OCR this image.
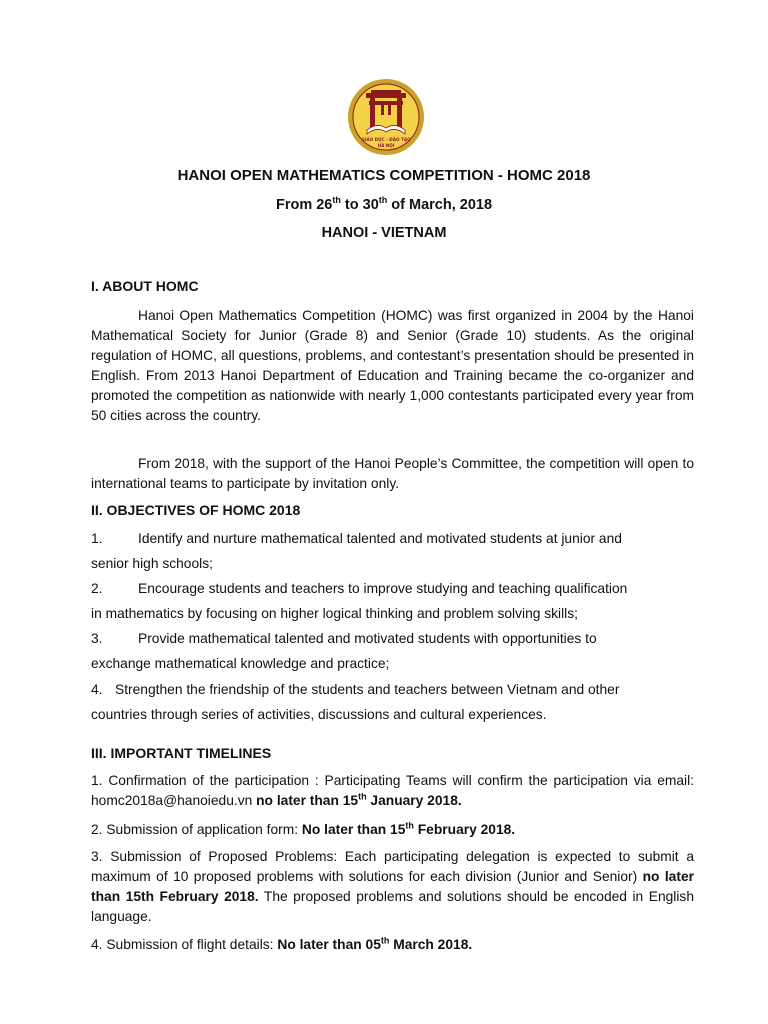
GIÁO DỤC - ĐÀO TẠO
HÀ NỘI
HANOI OPEN MATHEMATICS COMPETITION - HOMC 2018
From 26th to 30th of March, 2018
HANOI - VIETNAM
I. ABOUT HOMC
Hanoi Open Mathematics Competition (HOMC) was first organized in 2004 by the Hanoi Mathematical Society for Junior (Grade 8) and Senior (Grade 10) students. As the original regulation of HOMC, all questions, problems, and contestant’s presentation should be presented in English. From 2013 Hanoi Department of Education and Training became the co-organizer and promoted the competition as nationwide with nearly 1,000 contestants participated every year from 50 cities across the country.
From 2018, with the support of the Hanoi People’s Committee, the competition will open to international teams to participate by invitation only.
II. OBJECTIVES OF HOMC 2018
1.	Identify and nurture mathematical talented and motivated students at junior and
senior high schools;
2.	Encourage students and teachers to improve studying and teaching qualification
in mathematics by focusing on higher logical thinking and problem solving skills;
3.	Provide mathematical talented and motivated students with opportunities to
exchange mathematical knowledge and practice;
4. Strengthen the friendship of the students and teachers between Vietnam and other
countries through series of activities, discussions and cultural experiences.
III. IMPORTANT TIMELINES
1. Confirmation of the participation : Participating Teams will confirm the participation via email: homc2018a@hanoiedu.vn no later than 15th January 2018.
2. Submission of application form: No later than 15th February 2018.
3. Submission of Proposed Problems: Each participating delegation is expected to submit a maximum of 10 proposed problems with solutions for each division (Junior and Senior) no later than 15th February 2018. The proposed problems and solutions should be encoded in English language.
4. Submission of flight details: No later than 05th March 2018.
